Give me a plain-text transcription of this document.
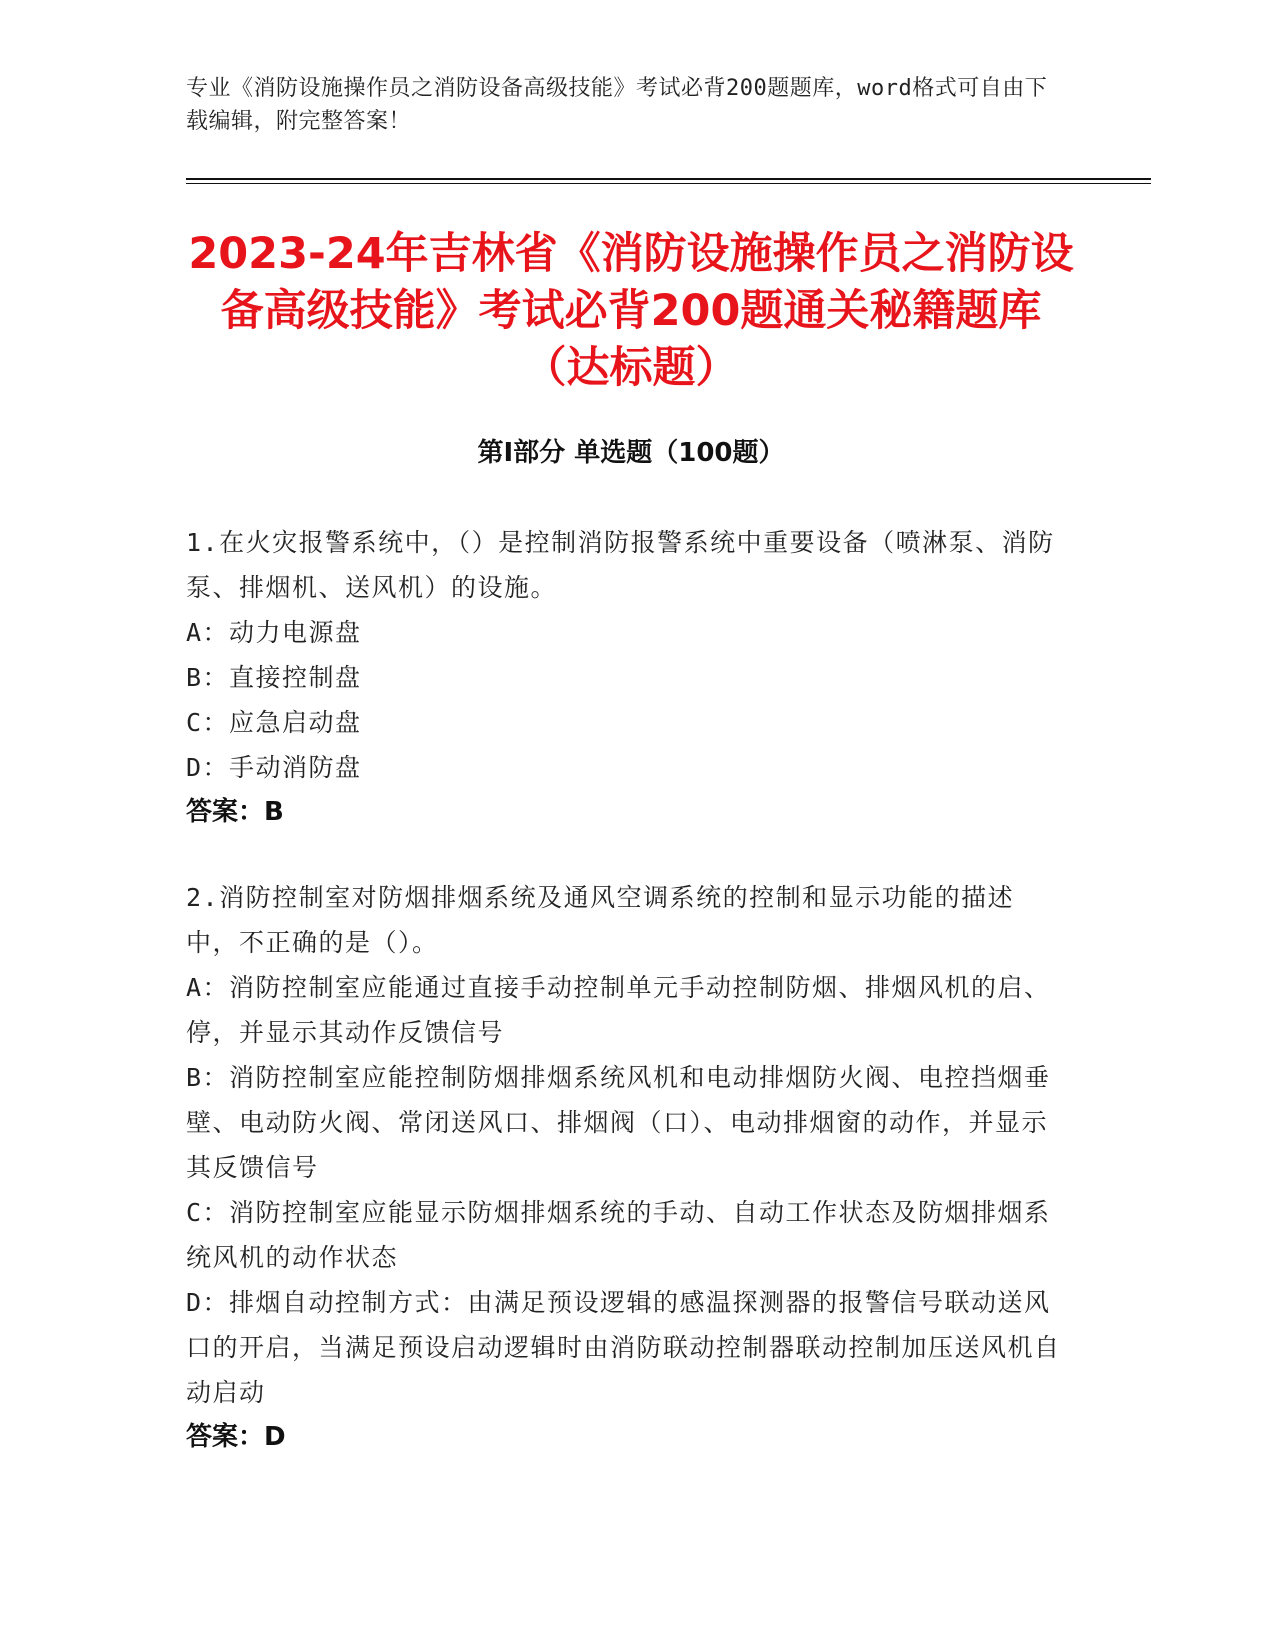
专业《消防设施操作员之消防设备高级技能》考试必背200题题库，word格式可自由下载编辑，附完整答案！
2023-24年吉林省《消防设施操作员之消防设备高级技能》考试必背200题通关秘籍题库（达标题）
第I部分 单选题（100题）

1.在火灾报警系统中，（）是控制消防报警系统中重要设备（喷淋泵、消防泵、排烟机、送风机）的设施。

A：动力电源盘

B：直接控制盘

C：应急启动盘

D：手动消防盘

答案：B

2.消防控制室对防烟排烟系统及通风空调系统的控制和显示功能的描述中，不正确的是（）。

A：消防控制室应能通过直接手动控制单元手动控制防烟、排烟风机的启、停，并显示其动作反馈信号

B：消防控制室应能控制防烟排烟系统风机和电动排烟防火阀、电控挡烟垂壁、电动防火阀、常闭送风口、排烟阀（口）、电动排烟窗的动作，并显示其反馈信号

C：消防控制室应能显示防烟排烟系统的手动、自动工作状态及防烟排烟系统风机的动作状态

D：排烟自动控制方式：由满足预设逻辑的感温探测器的报警信号联动送风口的开启，当满足预设启动逻辑时由消防联动控制器联动控制加压送风机自动启动

答案：D
